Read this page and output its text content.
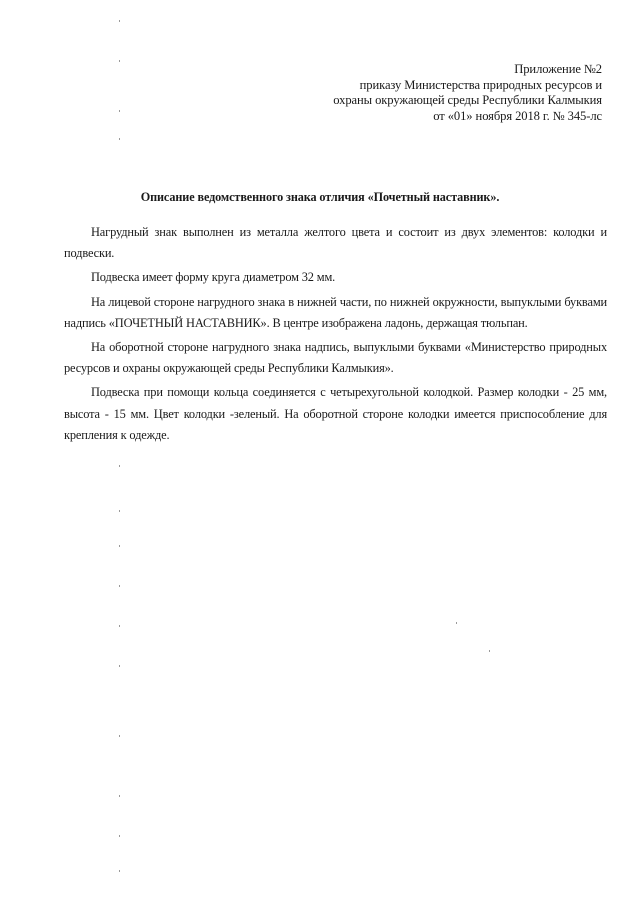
Приложение №2
приказу Министерства природных ресурсов и
охраны окружающей среды Республики Калмыкия
от «01» ноября 2018 г. № 345-лс
Описание ведомственного знака отличия «Почетный наставник».

Нагрудный знак выполнен из металла желтого цвета и состоит из двух элементов: колодки и подвески.

Подвеска имеет форму круга диаметром 32 мм.

На лицевой стороне нагрудного знака в нижней части, по нижней окружности, выпуклыми буквами надпись «ПОЧЕТНЫЙ НАСТАВНИК». В центре изображена ладонь, держащая тюльпан.

На оборотной стороне нагрудного знака надпись, выпуклыми буквами «Министерство природных ресурсов и охраны окружающей среды Республики Калмыкия».

Подвеска при помощи кольца соединяется с четырехугольной колодкой. Размер колодки - 25 мм, высота - 15 мм. Цвет колодки -зеленый. На оборотной стороне колодки имеется приспособление для крепления к одежде.
